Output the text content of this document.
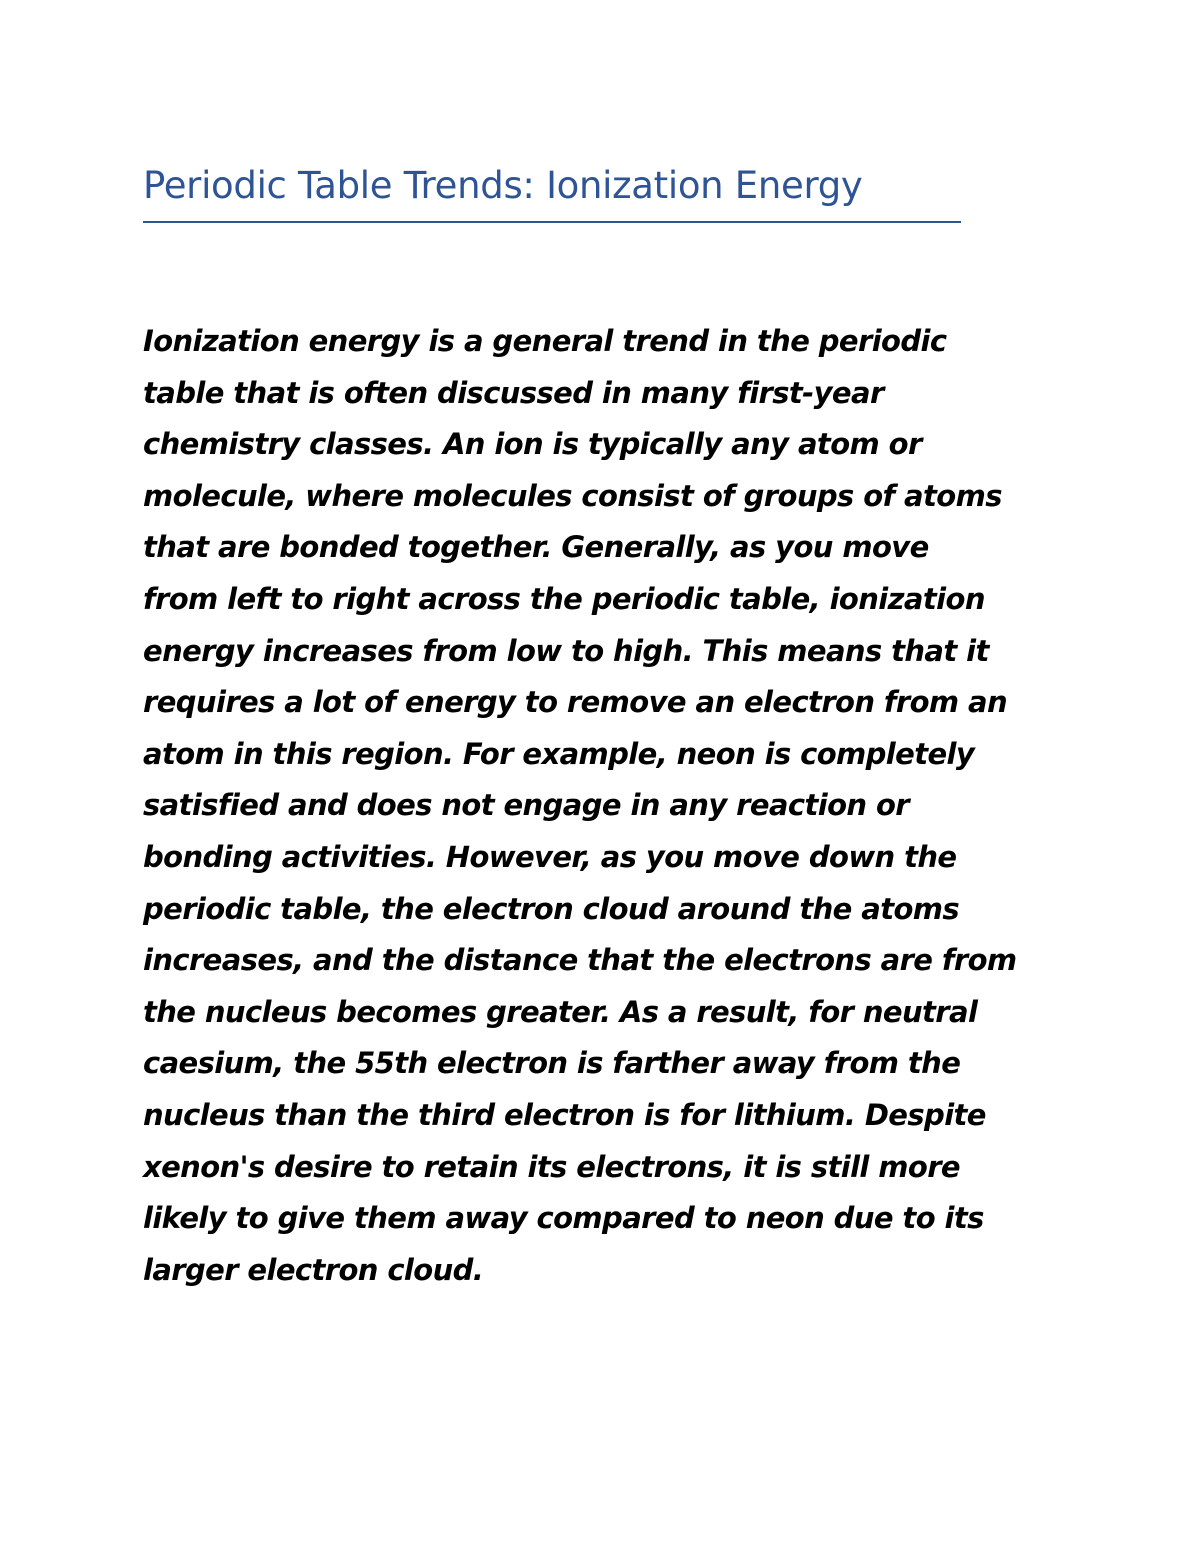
Periodic Table Trends: Ionization Energy

Ionization energy is a general trend in the periodic
table that is often discussed in many first-year
chemistry classes. An ion is typically any atom or
molecule, where molecules consist of groups of atoms
that are bonded together. Generally, as you move
from left to right across the periodic table, ionization
energy increases from low to high. This means that it
requires a lot of energy to remove an electron from an
atom in this region. For example, neon is completely
satisfied and does not engage in any reaction or
bonding activities. However, as you move down the
periodic table, the electron cloud around the atoms
increases, and the distance that the electrons are from
the nucleus becomes greater. As a result, for neutral
caesium, the 55th electron is farther away from the
nucleus than the third electron is for lithium. Despite
xenon's desire to retain its electrons, it is still more
likely to give them away compared to neon due to its
larger electron cloud.
